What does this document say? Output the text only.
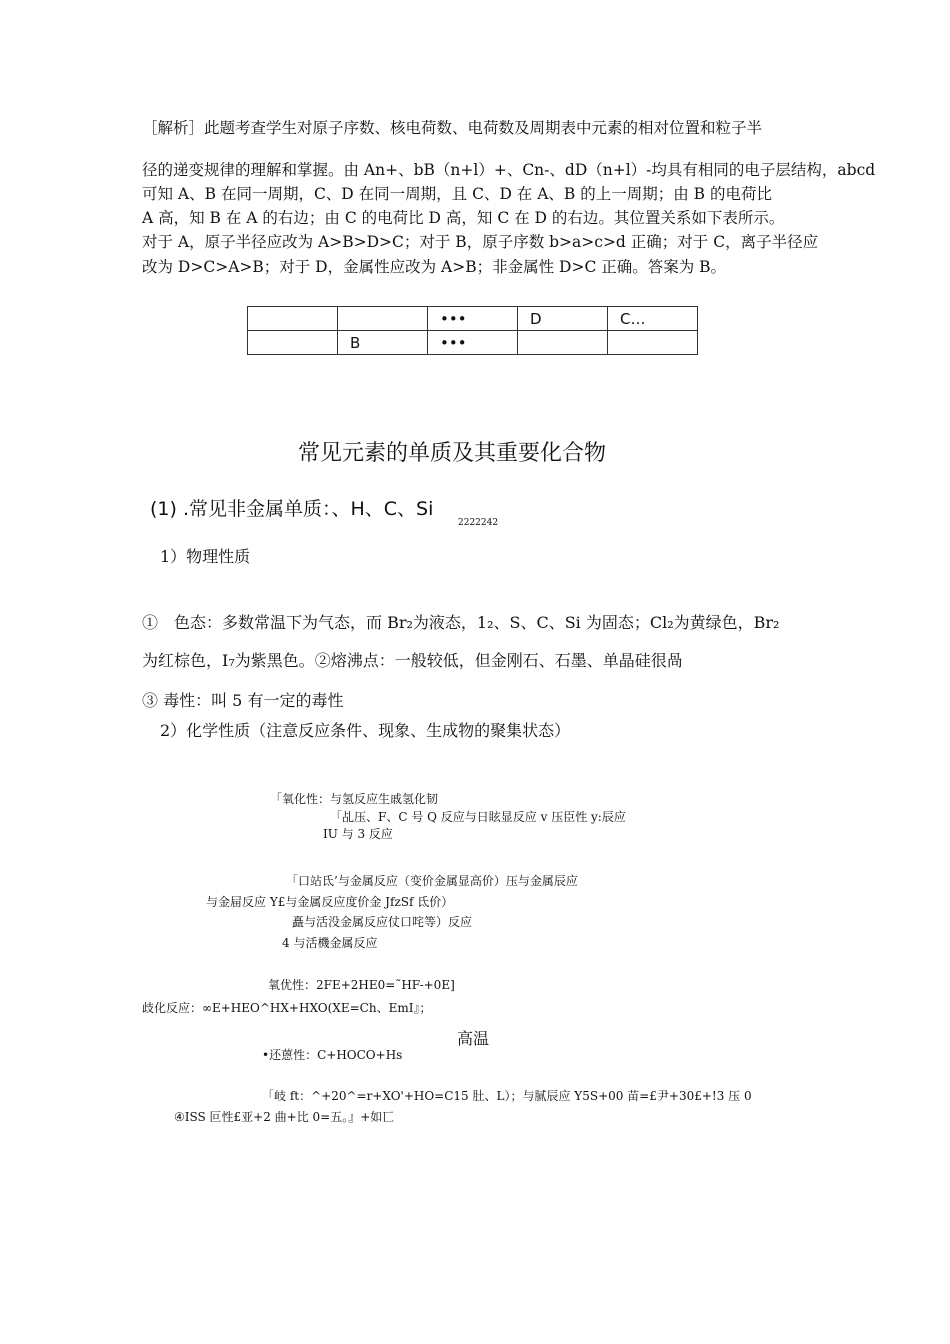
［解析］此题考查学生对原子序数、核电荷数、电荷数及周期表中元素的相对位置和粒子半
径的递变规律的理解和掌握。由 An+、bB（n+l）+、Cn-、dD（n+l）-均具有相同的电子层结构，abcd
可知 A、B 在同一周期，C、D 在同一周期，且 C、D 在 A、B 的上一周期；由 B 的电荷比
A 高，知 B 在 A 的右边；由 C 的电荷比 D 高，知 C 在 D 的右边。其位置关系如下表所示。
对于 A，原子半径应改为 A>B>D>C；对于 B，原子序数 b>a>c>d 正确；对于 C，离子半径应
改为 D>C>A>B；对于 D，金属性应改为 A>B；非金属性 D>C 正确。答案为 B。
		•••	D	C…
	B	•••		
常见元素的单质及其重要化合物
(1) .常见非金属单质：、H、C、Si
2222242
1）物理性质
①　色态：多数常温下为气态，而 Br₂为液态，1₂、S、C、Si 为固态；Cl₂为黄绿色，Br₂
为红棕色，I₇为紫黑色。②熔沸点：一般较低，但金刚石、石墨、单晶硅很咼
③ 毒性：叫 5 有一定的毒性
2）化学性质（注意反应条件、现象、生成物的聚集状态）
「氧化性：与氢反应生戚氢化韧
「乩压、F、C 号 Q 反应与日眩显反应 v 压臣性 y:辰应
IU 与 3 反应
「口站氐’与金属反应（变价金属显高价）压与金属辰应
与金屇反应 Y£与金属反应度价金 JfzSf 氐价）
矗与活没金属反应仗口咤等）反应
4 与活機金属反应
氧优性：2FE+2HE0=˜HF-+0E]
歧化反应：∞E+HEO^HX+HXO(XE=Ch、EmI』；
高温
•还蒽性：C+HOCO+Hs
「岐 ft：^+20^=r+XO'+HO=C15 肚、L）；与腻辰应 Y5S+00 苗=£尹+30£+!3 压 0
④ISS 叵性£亚+2 曲+比 0=五。』+如匸
